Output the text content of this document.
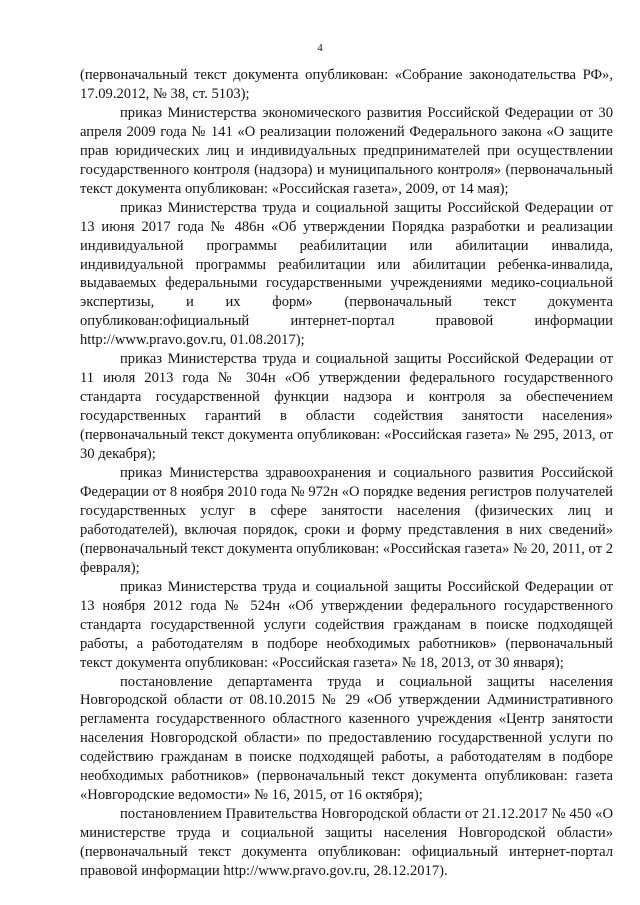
4

(первоначальный текст документа опубликован: «Собрание законодательства РФ», 17.09.2012, № 38, ст. 5103);

приказ Министерства экономического развития Российской Федерации от 30 апреля 2009 года № 141 «О реализации положений Федерального закона «О защите прав юридических лиц и индивидуальных предпринимателей при осуществлении государственного контроля (надзора) и муниципального контроля» (первоначальный текст документа опубликован: «Российская газета», 2009, от 14 мая);

приказ Министерства труда и социальной защиты Российской Федерации от 13 июня 2017 года № 486н «Об утверждении Порядка разработки и реализации индивидуальной программы реабилитации или абилитации инвалида, индивидуальной программы реабилитации или абилитации ребенка-инвалида, выдаваемых федеральными государственными учреждениями медико-социальной экспертизы, и их форм» (первоначальный текст документа опубликован:официальный интернет-портал правовой информации http://www.pravo.gov.ru, 01.08.2017);

приказ Министерства труда и социальной защиты Российской Федерации от 11 июля 2013 года № 304н «Об утверждении федерального государственного стандарта государственной функции надзора и контроля за обеспечением государственных гарантий в области содействия занятости населения» (первоначальный текст документа опубликован: «Российская газета» № 295, 2013, от 30 декабря);

приказ Министерства здравоохранения и социального развития Российской Федерации от 8 ноября 2010 года № 972н «О порядке ведения регистров получателей государственных услуг в сфере занятости населения (физических лиц и работодателей), включая порядок, сроки и форму представления в них сведений» (первоначальный текст документа опубликован: «Российская газета» № 20, 2011, от 2 февраля);

приказ Министерства труда и социальной защиты Российской Федерации от 13 ноября 2012 года № 524н «Об утверждении федерального государственного стандарта государственной услуги содействия гражданам в поиске подходящей работы, а работодателям в подборе необходимых работников» (первоначальный текст документа опубликован: «Российская газета» № 18, 2013, от 30 января);

постановление департамента труда и социальной защиты населения Новгородской области от 08.10.2015 № 29 «Об утверждении Административного регламента государственного областного казенного учреждения «Центр занятости населения Новгородской области» по предоставлению государственной услуги по содействию гражданам в поиске подходящей работы, а работодателям в подборе необходимых работников» (первоначальный текст документа опубликован: газета «Новгородские ведомости» № 16, 2015, от 16 октября);

постановлением Правительства Новгородской области от 21.12.2017 № 450 «О министерстве труда и социальной защиты населения Новгородской области» (первоначальный текст документа опубликован: официальный интернет-портал правовой информации http://www.pravo.gov.ru, 28.12.2017).
